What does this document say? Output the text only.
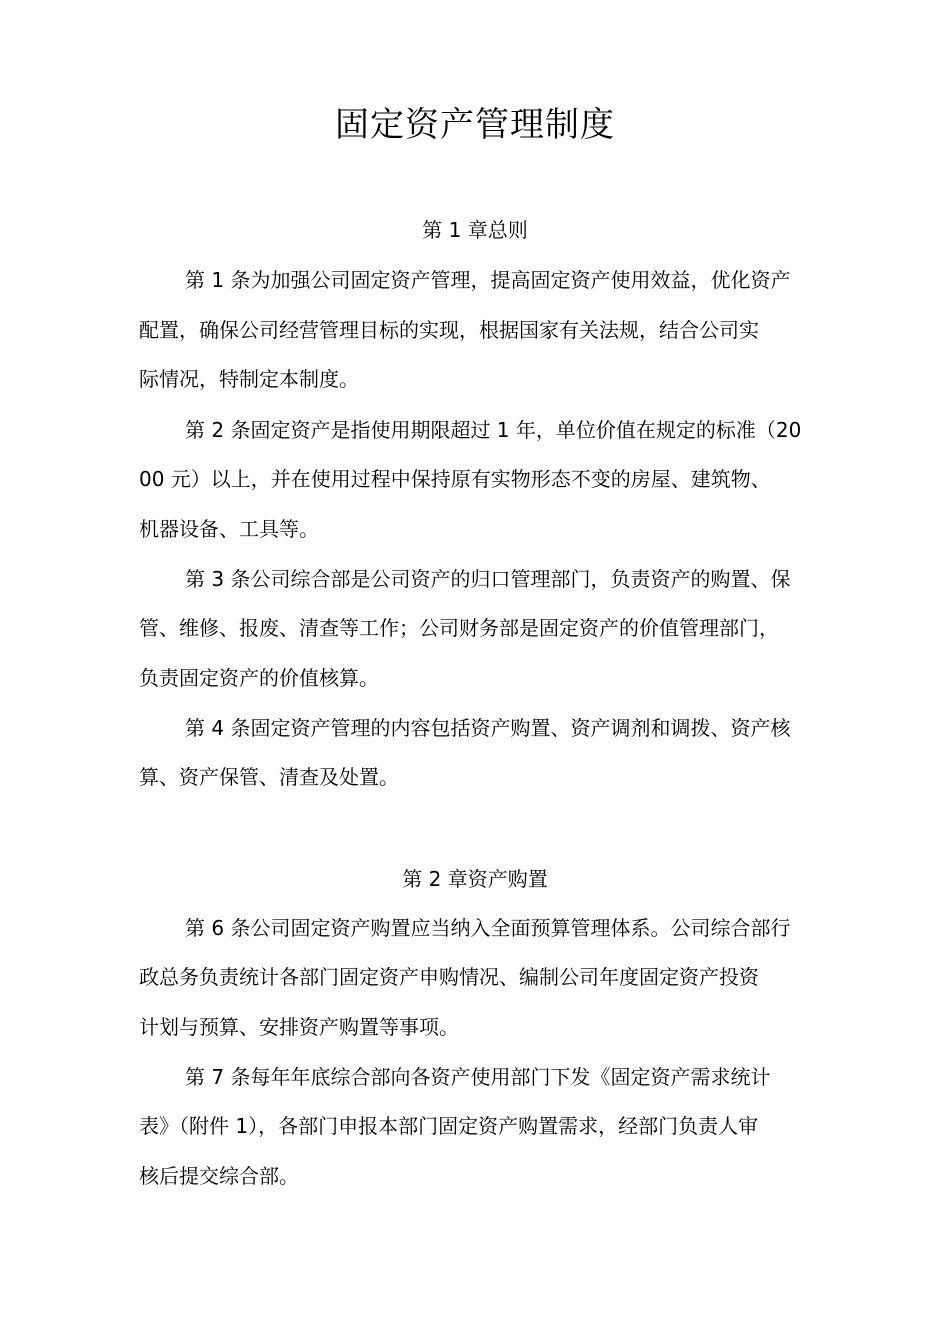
固定资产管理制度
第 1 章总则
第 1 条为加强公司固定资产管理，提高固定资产使用效益，优化资产
配置，确保公司经营管理目标的实现，根据国家有关法规，结合公司实
际情况，特制定本制度。
第 2 条固定资产是指使用期限超过 1 年，单位价值在规定的标准（20
00 元）以上，并在使用过程中保持原有实物形态不变的房屋、建筑物、
机器设备、工具等。
第 3 条公司综合部是公司资产的归口管理部门，负责资产的购置、保
管、维修、报废、清查等工作；公司财务部是固定资产的价值管理部门，
负责固定资产的价值核算。
第 4 条固定资产管理的内容包括资产购置、资产调剂和调拨、资产核
算、资产保管、清查及处置。
第 2 章资产购置
第 6 条公司固定资产购置应当纳入全面预算管理体系。公司综合部行
政总务负责统计各部门固定资产申购情况、编制公司年度固定资产投资
计划与预算、安排资产购置等事项。
第 7 条每年年底综合部向各资产使用部门下发《固定资产需求统计
表》（附件 1），各部门申报本部门固定资产购置需求，经部门负责人审
核后提交综合部。
